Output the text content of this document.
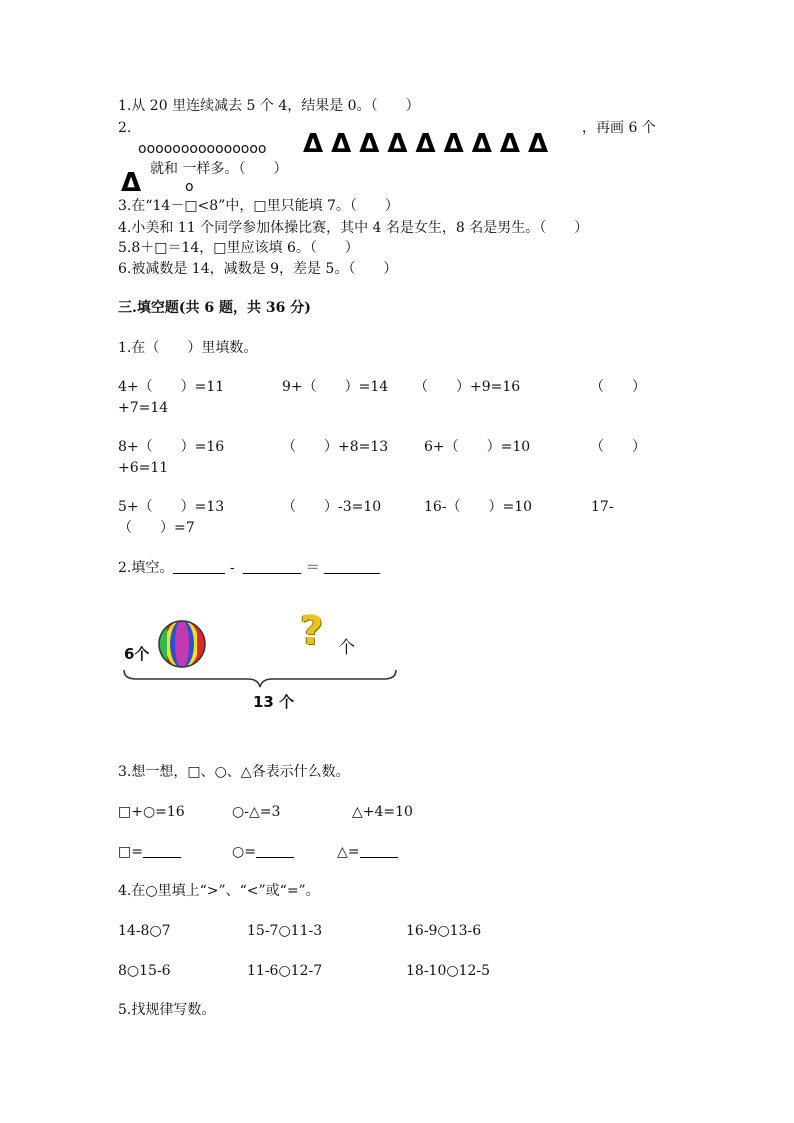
1.从 20 里连续减去 5 个 4，结果是 0。（　　）
2.
ooooooooooooooo ΔΔΔΔΔΔΔΔΔ
，再画 6 个
就和 一样多。（　　）
Δ	o
3.在“14－□<8”中，□里只能填 7。（　　）
4.小美和 11 个同学参加体操比赛，其中 4 名是女生，8 名是男生。（　　）
5.8＋□＝14，□里应该填 6。（　　）
6.被减数是 14，减数是 9，差是 5。（　　）
三.填空题(共 6 题，共 36 分)
1.在（　　）里填数。
4+（　　）=11	9+（　　）=14 （　　）+9=16	（　　）
+7=14
8+（　　）=16	（　　）+8=13	6+（　　）=10	（　　）
+6=11
5+（　　）=13	（　　）-3=10	16-（　　）=10	17-
（　　）=7
2.填空。	-	＝
6个	? 个
13 个
3.想一想，□、○、△各表示什么数。
□+○=16	○-△=3	△+4=10
□=	○=	△=
4.在○里填上“>”、“<”或“=”。
14-8○7	15-7○11-3	16-9○13-6
8○15-6	11-6○12-7	18-10○12-5
5.找规律写数。
